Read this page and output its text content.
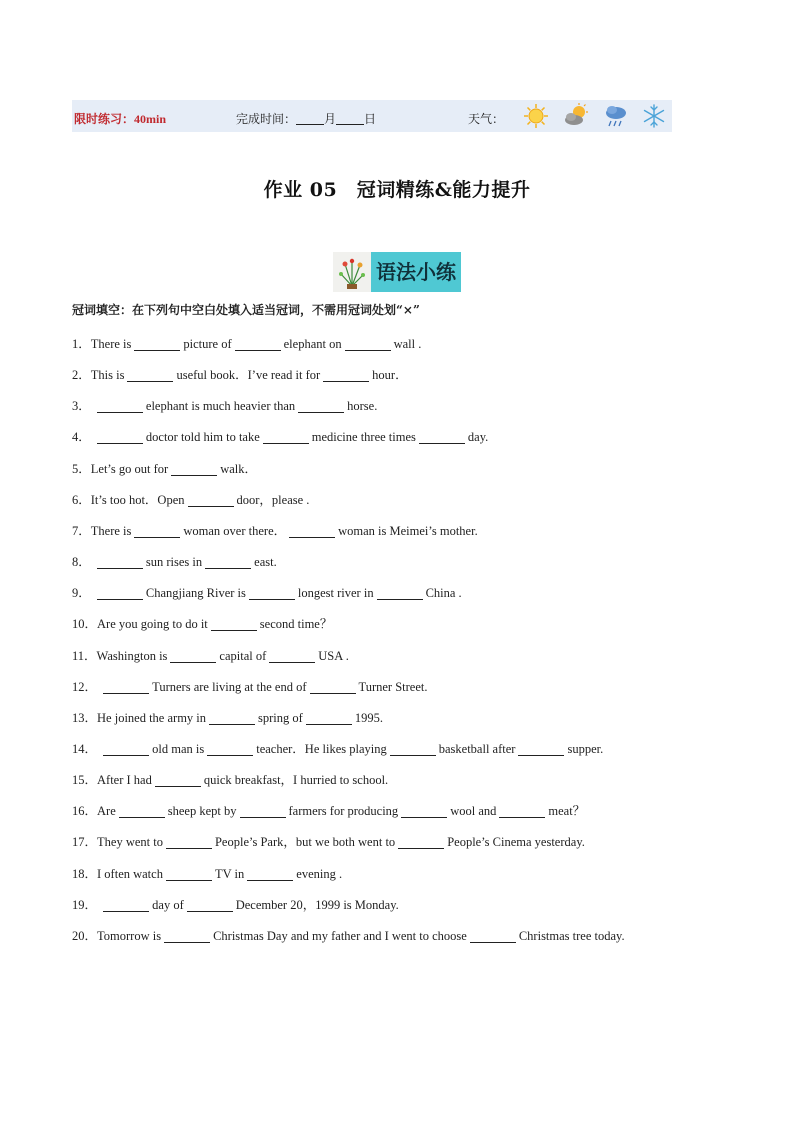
限时练习：40min	完成时间： 月 日	天气：
作业 05　冠词精练&能力提升
语法小练
冠词填空：在下列句中空白处填入适当冠词，不需用冠词处划“×”
1．There is	picture of	elephant on	wall .
2．This is	useful book．I’ve read it for	hour．
3．	elephant is much heavier than	horse.
4．	doctor told him to take	medicine three times	day.
5．Let’s go out for	walk．
6．It’s too hot．Open	door，please .
7．There is	woman over there．	woman is Meimei’s mother.
8．	sun rises in	east.
9．	Changjiang River is	longest river in	China .
10．Are you going to do it	second time？
11．Washington is	capital of	USA .
12．	Turners are living at the end of	Turner Street.
13．He joined the army in	spring of	1995.
14．	old man is	teacher．He likes playing	basketball after	supper.
15．After I had	quick breakfast，I hurried to school.
16．Are	sheep kept by	farmers for producing	wool and	meat？
17．They went to	People’s Park，but we both went to	People’s Cinema yesterday.
18．I often watch	TV in	evening .
19．	day of	December 20，1999 is Monday.
20．Tomorrow is	Christmas Day and my father and I went to choose	Christmas tree today.
